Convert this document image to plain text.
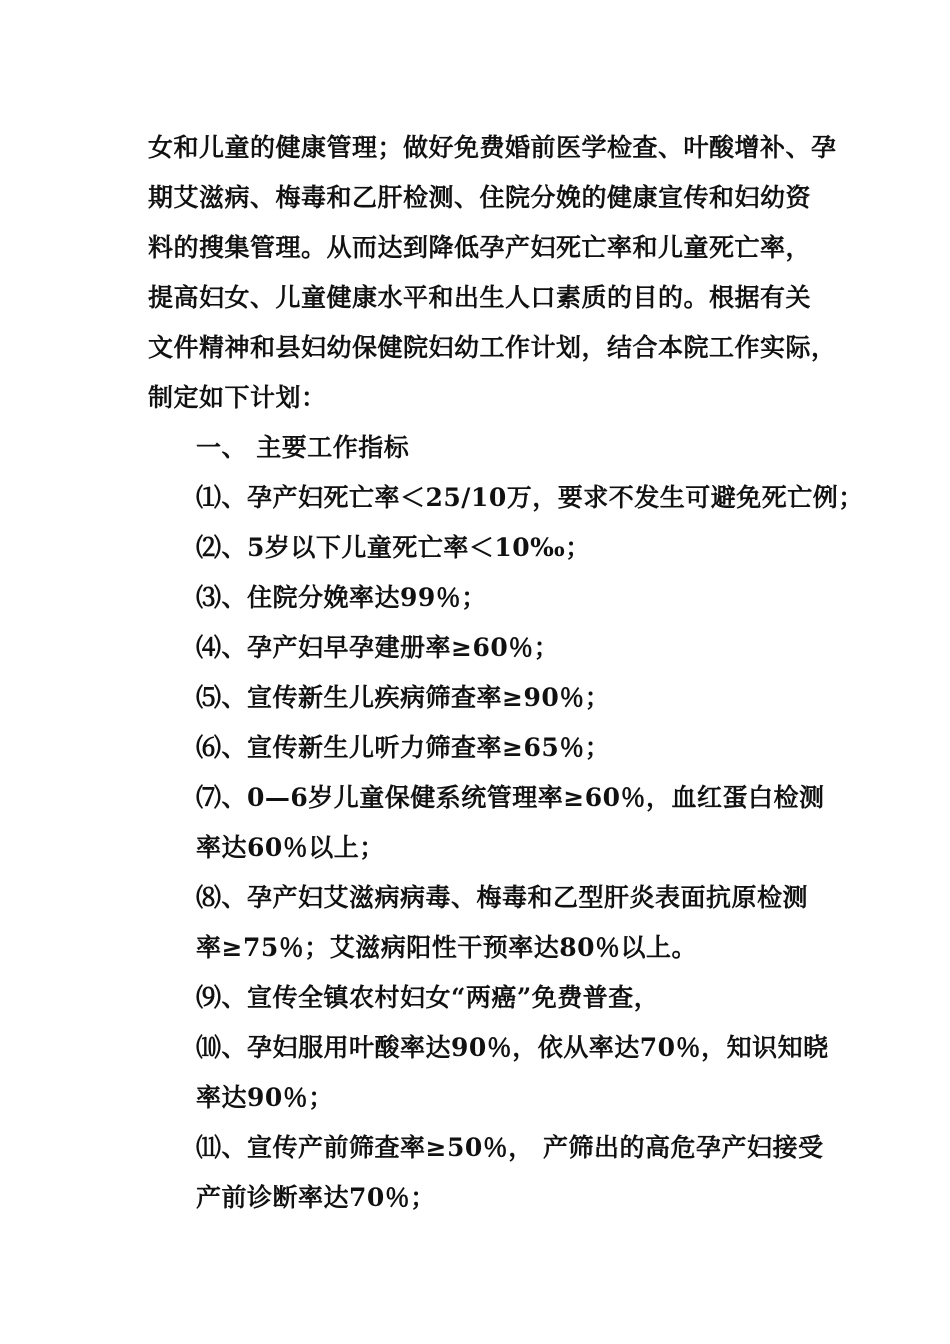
女和儿童的健康管理；做好免费婚前医学检查、叶酸增补、孕
期艾滋病、梅毒和乙肝检测、住院分娩的健康宣传和妇幼资
料的搜集管理。从而达到降低孕产妇死亡率和儿童死亡率，
提高妇女、儿童健康水平和出生人口素质的目的。根据有关
文件精神和县妇幼保健院妇幼工作计划，结合本院工作实际，
制定如下计划：
一、 主要工作指标
⑴、孕产妇死亡率＜25/10万，要求不发生可避免死亡例；
⑵、5岁以下儿童死亡率＜10‰；
⑶、住院分娩率达99％；
⑷、孕产妇早孕建册率≥60％；
⑸、宣传新生儿疾病筛查率≥90％；
⑹、宣传新生儿听力筛查率≥65％；
⑺、0—6岁儿童保健系统管理率≥60％，血红蛋白检测
率达60％以上；
⑻、孕产妇艾滋病病毒、梅毒和乙型肝炎表面抗原检测
率≥75％；艾滋病阳性干预率达80％以上。
⑼、宣传全镇农村妇女“两癌”免费普查，
⑽、孕妇服用叶酸率达90％，依从率达70％，知识知晓
率达90％；
⑾、宣传产前筛查率≥50％， 产筛出的高危孕产妇接受
产前诊断率达70％；
